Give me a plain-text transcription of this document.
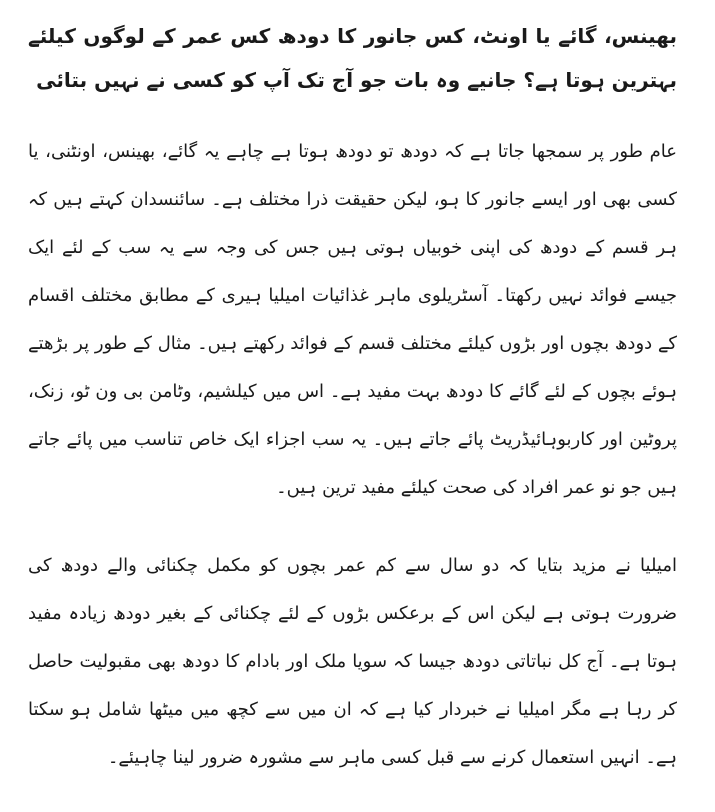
بھینس، گائے یا اونٹ، کس جانور کا دودھ کس عمر کے لوگوں کیلئے بہترین ہوتا ہے؟ جانیے وہ بات جو آج تک آپ کو کسی نے نہیں بتائی

عام طور پر سمجھا جاتا ہے کہ دودھ تو دودھ ہوتا ہے چاہے یہ گائے، بھینس، اونٹنی، یا کسی بھی اور ایسے جانور کا ہو، لیکن حقیقت ذرا مختلف ہے۔ سائنسدان کہتے ہیں کہ ہر قسم کے دودھ کی اپنی خوبیاں ہوتی ہیں جس کی وجہ سے یہ سب کے لئے ایک جیسے فوائد نہیں رکھتا۔ آسٹریلوی ماہر غذائیات امیلیا ہیری کے مطابق مختلف اقسام کے دودھ بچوں اور بڑوں کیلئے مختلف قسم کے فوائد رکھتے ہیں۔ مثال کے طور پر بڑھتے ہوئے بچوں کے لئے گائے کا دودھ بہت مفید ہے۔ اس میں کیلشیم، وٹامن بی ون ٹو، زنک، پروٹین اور کاربوہائیڈریٹ پائے جاتے ہیں۔ یہ سب اجزاء ایک خاص تناسب میں پائے جاتے ہیں جو نو عمر افراد کی صحت کیلئے مفید ترین ہیں۔

امیلیا نے مزید بتایا کہ دو سال سے کم عمر بچوں کو مکمل چکنائی والے دودھ کی ضرورت ہوتی ہے لیکن اس کے برعکس بڑوں کے لئے چکنائی کے بغیر دودھ زیادہ مفید ہوتا ہے۔ آج کل نباتاتی دودھ جیسا کہ سویا ملک اور بادام کا دودھ بھی مقبولیت حاصل کر رہا ہے مگر امیلیا نے خبردار کیا ہے کہ ان میں سے کچھ میں میٹھا شامل ہو سکتا ہے۔ انہیں استعمال کرنے سے قبل کسی ماہر سے مشورہ ضرور لینا چاہیئے۔
